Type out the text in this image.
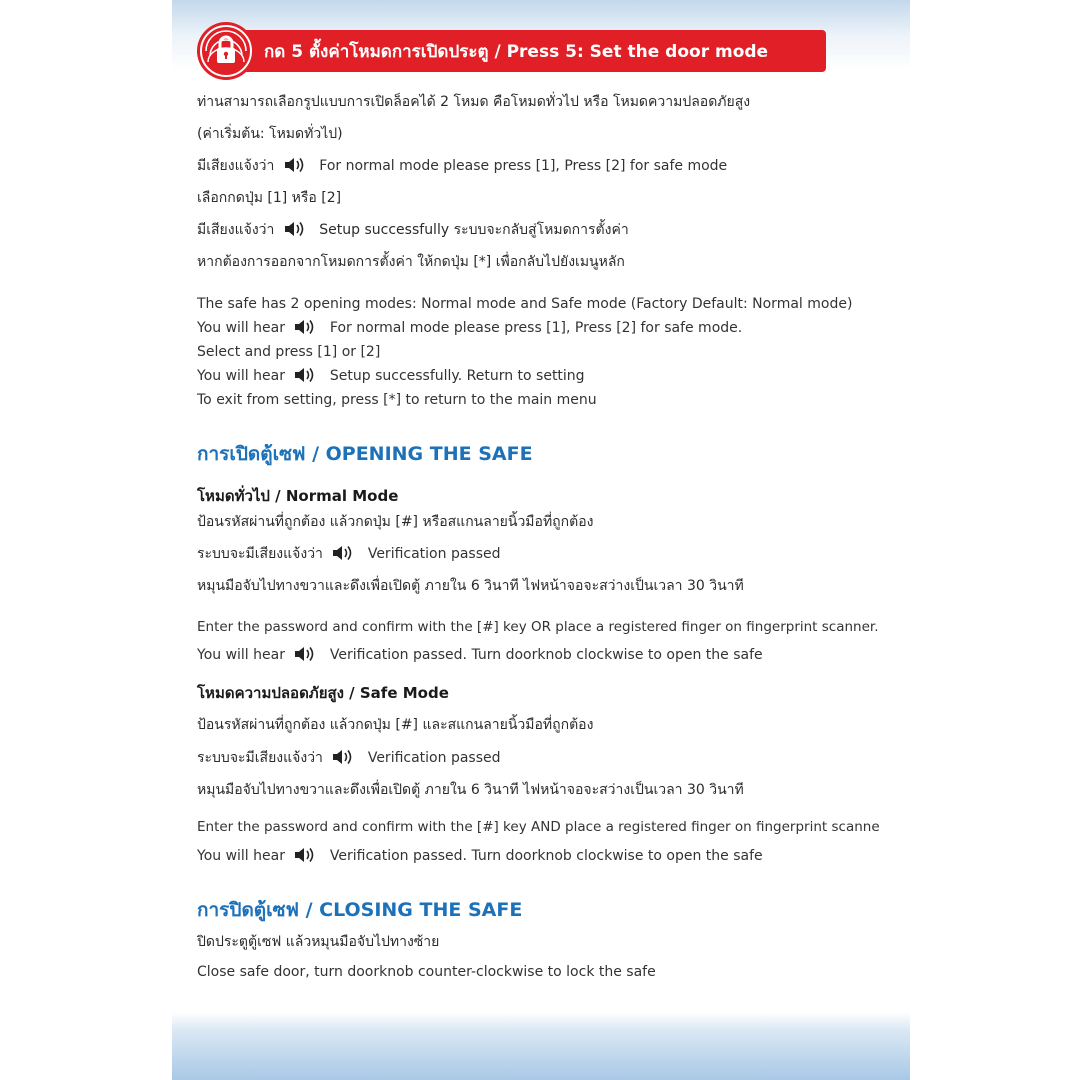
กด 5 ตั้งค่าโหมดการเปิดประตู / Press 5: Set the door mode
ท่านสามารถเลือกรูปแบบการเปิดล็อคได้ 2 โหมด คือโหมดทั่วไป หรือ โหมดความปลอดภัยสูง
(ค่าเริ่มต้น: โหมดทั่วไป)
มีเสียงแจ้งว่า	For normal mode please press [1], Press [2] for safe mode
เลือกกดปุ่ม [1] หรือ [2]
มีเสียงแจ้งว่า	Setup successfully ระบบจะกลับสู่โหมดการตั้งค่า
หากต้องการออกจากโหมดการตั้งค่า ให้กดปุ่ม [*] เพื่อกลับไปยังเมนูหลัก
The safe has 2 opening modes: Normal mode and Safe mode (Factory Default: Normal mode)
You will hear	For normal mode please press [1], Press [2] for safe mode.
Select and press [1] or [2]
You will hear	Setup successfully. Return to setting
To exit from setting, press [*] to return to the main menu
การเปิดตู้เซฟ / OPENING THE SAFE
โหมดทั่วไป / Normal Mode
ป้อนรหัสผ่านที่ถูกต้อง แล้วกดปุ่ม [#] หรือสแกนลายนิ้วมือที่ถูกต้อง
ระบบจะมีเสียงแจ้งว่า	Verification passed
หมุนมือจับไปทางขวาและดึงเพื่อเปิดตู้ ภายใน 6 วินาที ไฟหน้าจอจะสว่างเป็นเวลา 30 วินาที
Enter the password and confirm with the [#] key OR place a registered finger on fingerprint scanner.
You will hear	Verification passed. Turn doorknob clockwise to open the safe
โหมดความปลอดภัยสูง / Safe Mode
ป้อนรหัสผ่านที่ถูกต้อง แล้วกดปุ่ม [#] และสแกนลายนิ้วมือที่ถูกต้อง
ระบบจะมีเสียงแจ้งว่า	Verification passed
หมุนมือจับไปทางขวาและดึงเพื่อเปิดตู้ ภายใน 6 วินาที ไฟหน้าจอจะสว่างเป็นเวลา 30 วินาที
Enter the password and confirm with the [#] key AND place a registered finger on fingerprint scanne
You will hear	Verification passed. Turn doorknob clockwise to open the safe
การปิดตู้เซฟ / CLOSING THE SAFE
ปิดประตูตู้เซฟ แล้วหมุนมือจับไปทางซ้าย
Close safe door, turn doorknob counter-clockwise to lock the safe
